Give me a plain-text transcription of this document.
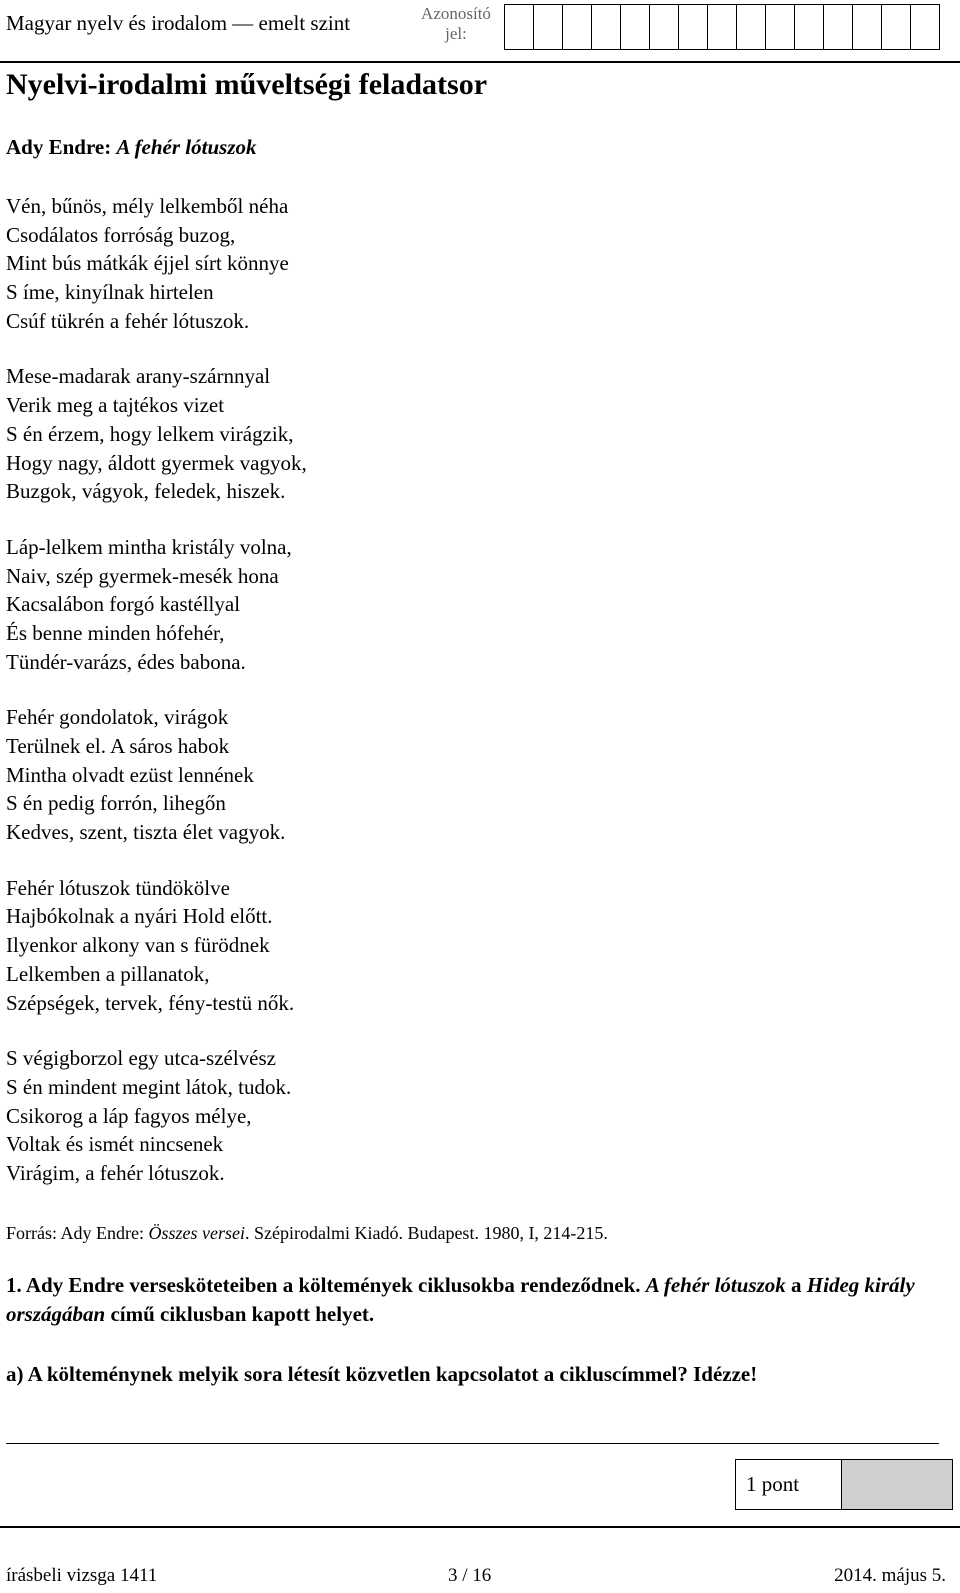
Magyar nyelv és irodalom — emelt szint	Azonosító
jel:
Nyelvi-irodalmi műveltségi feladatsor
Ady Endre: A fehér lótuszok
Vén, bűnös, mély lelkemből néha
Csodálatos forróság buzog,
Mint bús mátkák éjjel sírt könnye
S íme, kinyílnak hirtelen
Csúf tükrén a fehér lótuszok.
Mese-madarak arany-szárnnyal
Verik meg a tajtékos vizet
S én érzem, hogy lelkem virágzik,
Hogy nagy, áldott gyermek vagyok,
Buzgok, vágyok, feledek, hiszek.
Láp-lelkem mintha kristály volna,
Naiv, szép gyermek-mesék hona
Kacsalábon forgó kastéllyal
És benne minden hófehér,
Tündér-varázs, édes babona.
Fehér gondolatok, virágok
Terülnek el. A sáros habok
Mintha olvadt ezüst lennének
S én pedig forrón, lihegőn
Kedves, szent, tiszta élet vagyok.
Fehér lótuszok tündökölve
Hajbókolnak a nyári Hold előtt.
Ilyenkor alkony van s fürödnek
Lelkemben a pillanatok,
Szépségek, tervek, fény-testü nők.
S végigborzol egy utca-szélvész
S én mindent megint látok, tudok.
Csikorog a láp fagyos mélye,
Voltak és ismét nincsenek
Virágim, a fehér lótuszok.
Forrás: Ady Endre: Összes versei. Szépirodalmi Kiadó. Budapest. 1980, I, 214-215.
1. Ady Endre versesköteteiben a költemények ciklusokba rendeződnek. A fehér lótuszok a Hideg király országában című ciklusban kapott helyet.
a) A költeménynek melyik sora létesít közvetlen kapcsolatot a cikluscímmel? Idézze!
1 pont
írásbeli vizsga 1411	3 / 16	2014. május 5.
